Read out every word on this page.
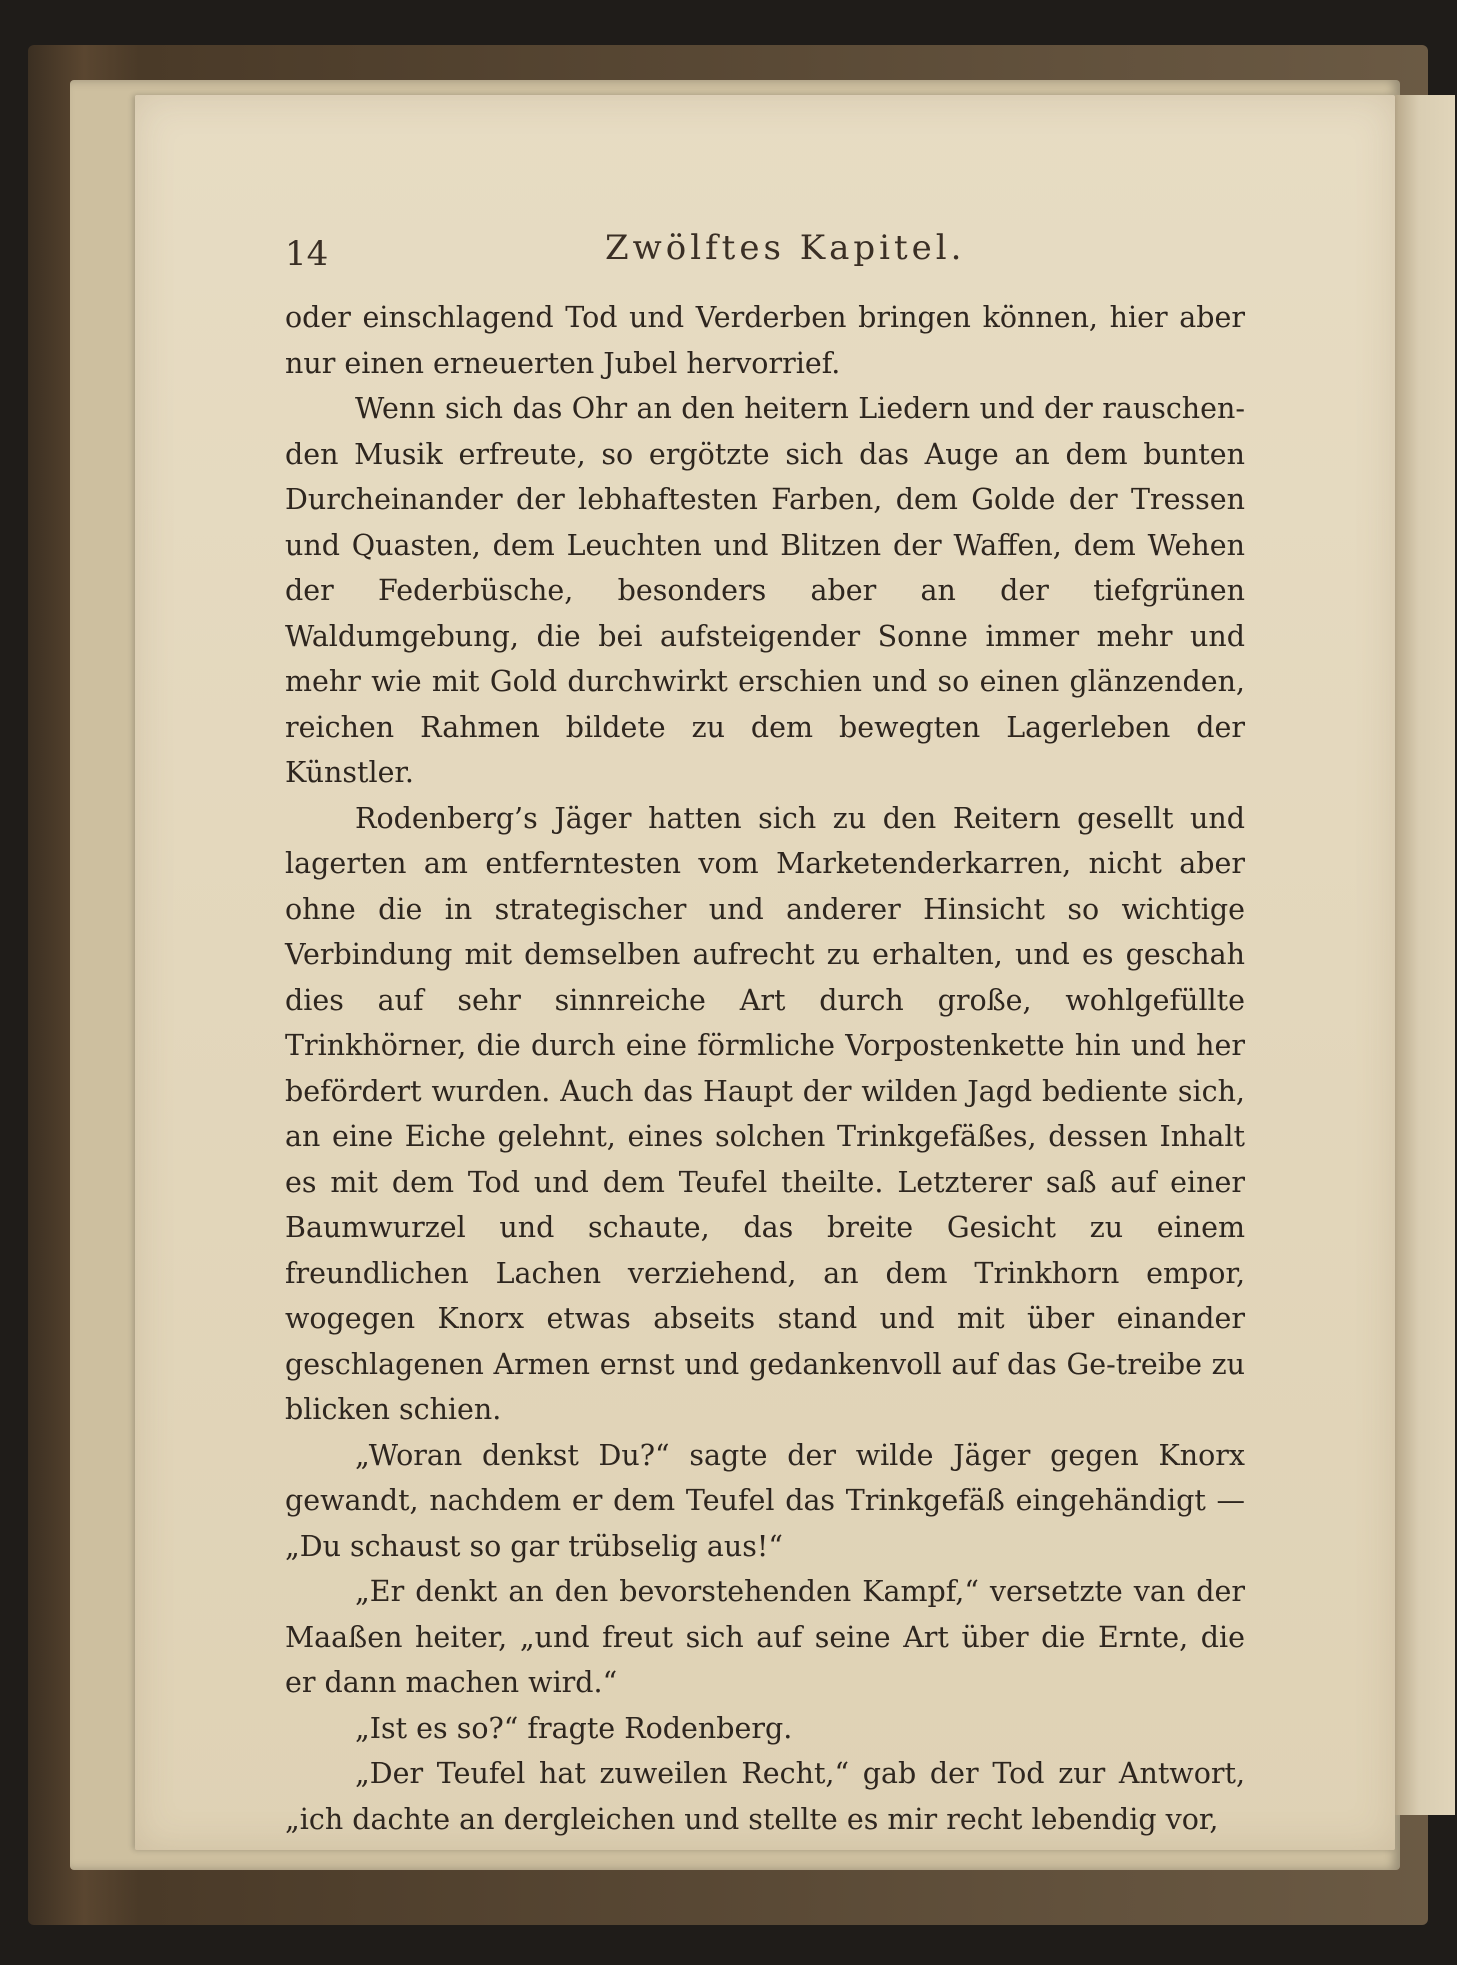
14	Zwölftes Kapitel.

oder einschlagend Tod und Verderben bringen können, hier aber nur einen erneuerten Jubel hervorrief.

Wenn sich das Ohr an den heitern Liedern und der rauschen-den Musik erfreute, so ergötzte sich das Auge an dem bunten Durcheinander der lebhaftesten Farben, dem Golde der Tressen und Quasten, dem Leuchten und Blitzen der Waffen, dem Wehen der Federbüsche, besonders aber an der tiefgrünen Waldumgebung, die bei aufsteigender Sonne immer mehr und mehr wie mit Gold durchwirkt erschien und so einen glänzenden, reichen Rahmen bildete zu dem bewegten Lagerleben der Künstler.

Rodenberg’s Jäger hatten sich zu den Reitern gesellt und lagerten am entferntesten vom Marketenderkarren, nicht aber ohne die in strategischer und anderer Hinsicht so wichtige Verbindung mit demselben aufrecht zu erhalten, und es geschah dies auf sehr sinnreiche Art durch große, wohlgefüllte Trinkhörner, die durch eine förmliche Vorpostenkette hin und her befördert wurden. Auch das Haupt der wilden Jagd bediente sich, an eine Eiche gelehnt, eines solchen Trinkgefäßes, dessen Inhalt es mit dem Tod und dem Teufel theilte. Letzterer saß auf einer Baumwurzel und schaute, das breite Gesicht zu einem freundlichen Lachen verziehend, an dem Trinkhorn empor, wogegen Knorx etwas abseits stand und mit über einander geschlagenen Armen ernst und gedankenvoll auf das Ge-treibe zu blicken schien.

„Woran denkst Du?“ sagte der wilde Jäger gegen Knorx gewandt, nachdem er dem Teufel das Trinkgefäß eingehändigt — „Du schaust so gar trübselig aus!“

„Er denkt an den bevorstehenden Kampf,“ versetzte van der Maaßen heiter, „und freut sich auf seine Art über die Ernte, die er dann machen wird.“

„Ist es so?“ fragte Rodenberg.

„Der Teufel hat zuweilen Recht,“ gab der Tod zur Antwort, „ich dachte an dergleichen und stellte es mir recht lebendig vor,
